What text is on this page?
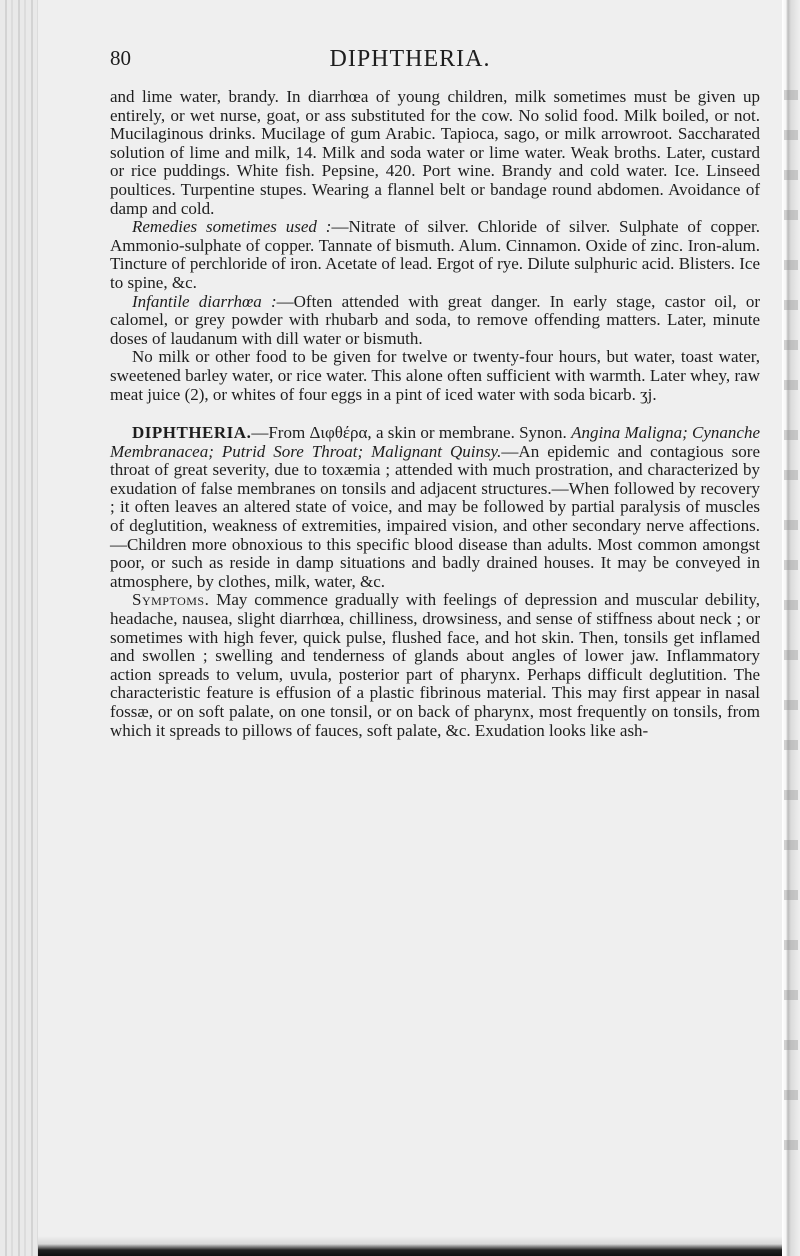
80	DIPHTHERIA.

and lime water, brandy. In diarrhœa of young children, milk sometimes must be given up entirely, or wet nurse, goat, or ass substituted for the cow. No solid food. Milk boiled, or not. Mucilaginous drinks. Mucilage of gum Arabic. Tapioca, sago, or milk arrowroot. Saccharated solution of lime and milk, 14. Milk and soda water or lime water. Weak broths. Later, custard or rice puddings. White fish. Pepsine, 420. Port wine. Brandy and cold water. Ice. Linseed poultices. Turpentine stupes. Wearing a flannel belt or bandage round abdomen. Avoidance of damp and cold.

Remedies sometimes used :—Nitrate of silver. Chloride of silver. Sulphate of copper. Ammonio-sulphate of copper. Tannate of bismuth. Alum. Cinnamon. Oxide of zinc. Iron-alum. Tincture of perchloride of iron. Acetate of lead. Ergot of rye. Dilute sulphuric acid. Blisters. Ice to spine, &c.

Infantile diarrhœa :—Often attended with great danger. In early stage, castor oil, or calomel, or grey powder with rhubarb and soda, to remove offending matters. Later, minute doses of laudanum with dill water or bismuth.

No milk or other food to be given for twelve or twenty-four hours, but water, toast water, sweetened barley water, or rice water. This alone often sufficient with warmth. Later whey, raw meat juice (2), or whites of four eggs in a pint of iced water with soda bicarb. ʒj.

DIPHTHERIA.—From Διφθέρα, a skin or membrane. Synon. Angina Maligna; Cynanche Membranacea; Putrid Sore Throat; Malignant Quinsy.—An epidemic and contagious sore throat of great severity, due to toxæmia ; attended with much prostration, and characterized by exudation of false membranes on tonsils and adjacent structures.—When followed by recovery ; it often leaves an altered state of voice, and may be followed by partial paralysis of muscles of deglutition, weakness of extremities, impaired vision, and other secondary nerve affections.—Children more obnoxious to this specific blood disease than adults. Most common amongst poor, or such as reside in damp situations and badly drained houses. It may be conveyed in atmosphere, by clothes, milk, water, &c.

Symptoms. May commence gradually with feelings of depression and muscular debility, headache, nausea, slight diarrhœa, chilliness, drowsiness, and sense of stiffness about neck ; or sometimes with high fever, quick pulse, flushed face, and hot skin. Then, tonsils get inflamed and swollen ; swelling and tenderness of glands about angles of lower jaw. Inflammatory action spreads to velum, uvula, posterior part of pharynx. Perhaps difficult deglutition. The characteristic feature is effusion of a plastic fibrinous material. This may first appear in nasal fossæ, or on soft palate, on one tonsil, or on back of pharynx, most frequently on tonsils, from which it spreads to pillows of fauces, soft palate, &c. Exudation looks like ash-
